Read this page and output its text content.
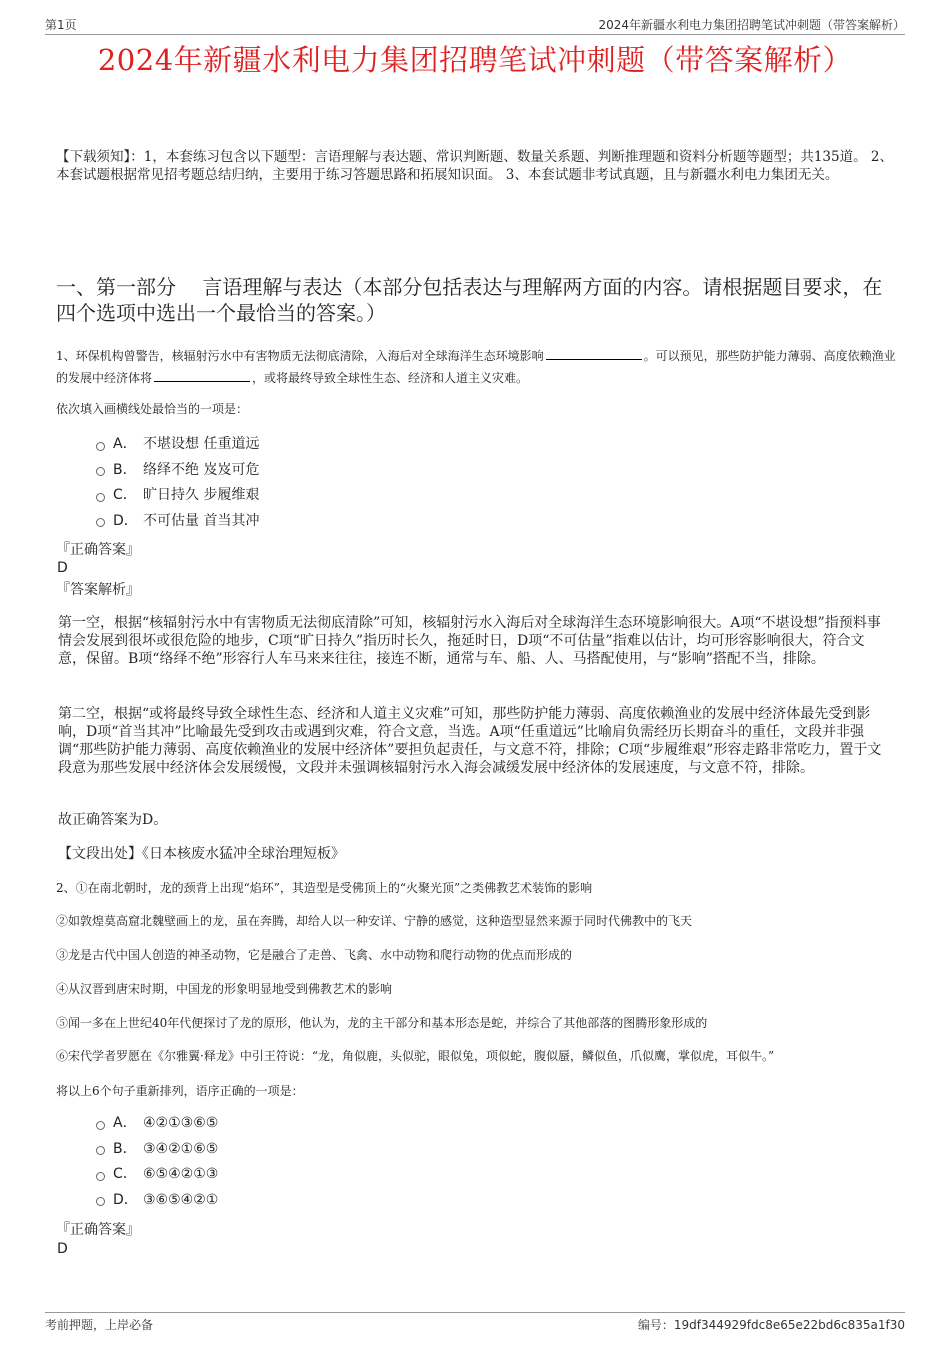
第1页	2024年新疆水利电力集团招聘笔试冲刺题（带答案解析）
2024年新疆水利电力集团招聘笔试冲刺题（带答案解析）
【下载须知】：1，本套练习包含以下题型：言语理解与表达题、常识判断题、数量关系题、判断推理题和资料分析题等题型；共135道。 2、本套试题根据常见招考题总结归纳，主要用于练习答题思路和拓展知识面。 3、本套试题非考试真题，且与新疆水利电力集团无关。
一、第一部分　 言语理解与表达（本部分包括表达与理解两方面的内容。请根据题目要求，在四个选项中选出一个最恰当的答案。）
1、环保机构曾警告，核辐射污水中有害物质无法彻底清除，入海后对全球海洋生态环境影响	。可以预见，那些防护能力薄弱、高度依赖渔业的发展中经济体将	，或将最终导致全球性生态、经济和人道主义灾难。
依次填入画横线处最恰当的一项是：
A． 不堪设想 任重道远
B． 络绎不绝 岌岌可危
C． 旷日持久 步履维艰
D． 不可估量 首当其冲
『正确答案』
D
『答案解析』
第一空，根据“核辐射污水中有害物质无法彻底清除”可知，核辐射污水入海后对全球海洋生态环境影响很大。A项“不堪设想”指预料事情会发展到很坏或很危险的地步，C项“旷日持久”指历时长久，拖延时日，D项“不可估量”指难以估计，均可形容影响很大，符合文意，保留。B项“络绎不绝”形容行人车马来来往往，接连不断，通常与车、船、人、马搭配使用，与“影响”搭配不当，排除。
第二空，根据“或将最终导致全球性生态、经济和人道主义灾难”可知，那些防护能力薄弱、高度依赖渔业的发展中经济体最先受到影响，D项“首当其冲”比喻最先受到攻击或遇到灾难，符合文意，当选。A项“任重道远”比喻肩负需经历长期奋斗的重任，文段并非强调“那些防护能力薄弱、高度依赖渔业的发展中经济体”要担负起责任，与文意不符，排除；C项“步履维艰”形容走路非常吃力，置于文段意为那些发展中经济体会发展缓慢，文段并未强调核辐射污水入海会减缓发展中经济体的发展速度，与文意不符，排除。
故正确答案为D。
【文段出处】《日本核废水猛冲全球治理短板》
2、①在南北朝时，龙的颈背上出现“焰环”，其造型是受佛顶上的“火聚光顶”之类佛教艺术装饰的影响
②如敦煌莫高窟北魏壁画上的龙，虽在奔腾，却给人以一种安详、宁静的感觉，这种造型显然来源于同时代佛教中的飞天
③龙是古代中国人创造的神圣动物，它是融合了走兽、飞禽、水中动物和爬行动物的优点而形成的
④从汉晋到唐宋时期，中国龙的形象明显地受到佛教艺术的影响
⑤闻一多在上世纪40年代便探讨了龙的原形，他认为，龙的主干部分和基本形态是蛇，并综合了其他部落的图腾形象形成的
⑥宋代学者罗愿在《尔雅翼·释龙》中引王符说：“龙，角似鹿，头似驼，眼似兔，项似蛇，腹似蜃，鳞似鱼，爪似鹰，掌似虎，耳似牛。”
将以上6个句子重新排列，语序正确的一项是：
A． ④②①③⑥⑤
B． ③④②①⑥⑤
C． ⑥⑤④②①③
D． ③⑥⑤④②①
『正确答案』
D
考前押题，上岸必备	编号：19df344929fdc8e65e22bd6c835a1f30
